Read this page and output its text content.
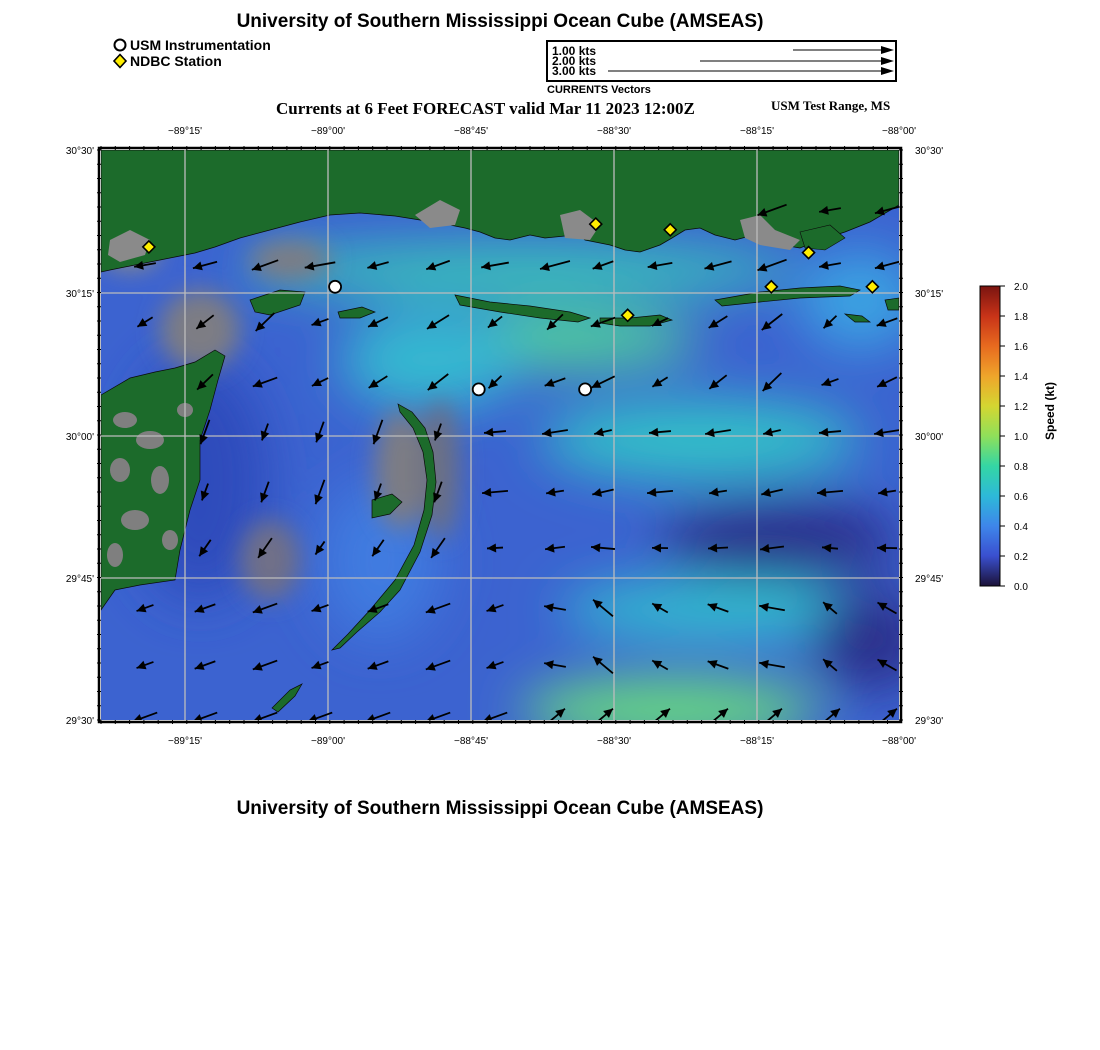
University of Southern Mississippi Ocean Cube (AMSEAS)
University of Southern Mississippi Ocean Cube (AMSEAS)
USM Instrumentation
NDBC Station
1.00 kts
2.00 kts
3.00 kts
CURRENTS Vectors
Currents at 6 Feet FORECAST valid Mar 11 2023 12:00Z	USM Test Range, MS
−89°15'
−89°15'
−89°00'
−89°00'
−88°45'
−88°45'
−88°30'
−88°30'
−88°15'
−88°15'
−88°00'
−88°00'
30°30'	30°30'
30°15'	30°15'
30°00'	30°00'
29°45'	29°45'
29°30'	29°30'
0.0
0.2
0.4
0.6
0.8
1.0
1.2
1.4
1.6
1.8
2.0
Speed (kt)
